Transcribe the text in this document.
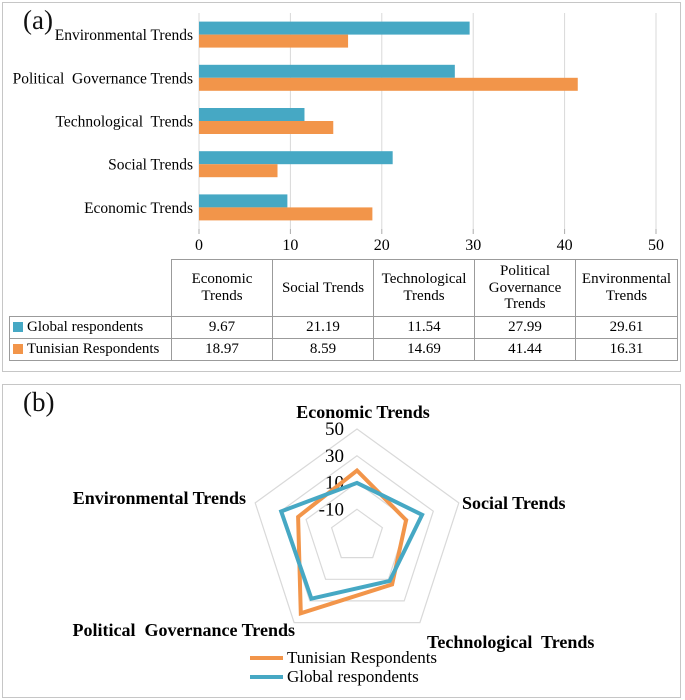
(a)
0	10	20	30	40	50
Environmental Trends
Political  Governance Trends
Technological  Trends
Social Trends
Economic Trends
	Economic Trends	Social Trends	Technological Trends	Political Governance Trends	Environmental Trends
Global respondents	9.67	21.19	11.54	27.99	29.61
Tunisian Respondents	18.97	8.59	14.69	41.44	16.31
(b)
-10
10
30
50
Economic Trends
Social Trends
Technological  Trends
Political  Governance Trends
Environmental Trends
Tunisian Respondents
Global respondents
